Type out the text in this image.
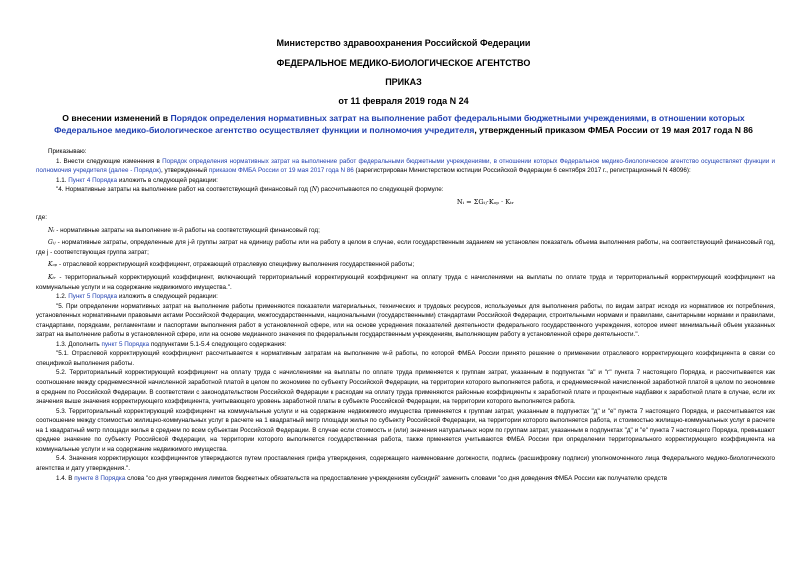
Министерство здравоохранения Российской Федерации
ФЕДЕРАЛЬНОЕ МЕДИКО-БИОЛОГИЧЕСКОЕ АГЕНТСТВО
ПРИКАЗ
от 11 февраля 2019 года N 24
О внесении изменений в Порядок определения нормативных затрат на выполнение работ федеральными бюджетными учреждениями, в отношении которых Федеральное медико-биологическое агентство осуществляет функции и полномочия учредителя, утвержденный приказом ФМБА России от 19 мая 2017 года N 86

Приказываю:

1. Внести следующие изменения в Порядок определения нормативных затрат на выполнение работ федеральными бюджетными учреждениями, в отношении которых Федеральное медико-биологическое агентство осуществляет функции и полномочия учредителя (далее - Порядок), утвержденный приказом ФМБА России от 19 мая 2017 года N 86 (зарегистрирован Министерством юстиции Российской Федерации 6 сентября 2017 г., регистрационный N 48096):

1.1. Пункт 4 Порядка изложить в следующей редакции:

"4. Нормативные затраты на выполнение работ на соответствующий финансовый год (N) рассчитываются по следующей формуле:

Nᵢ = ΣGᵢⱼ·Kₒₚ · Kₜᵣ

где:

Nᵢ - нормативные затраты на выполнение w-й работы на соответствующий финансовый год;

Gᵢⱼ - нормативные затраты, определенные для j-й группы затрат на единицу работы или на работу в целом в случае, если государственным заданием не установлен показатель объема выполнения работы, на соответствующий финансовый год, где j - соответствующая группа затрат;

Kₒₚ - отраслевой корректирующий коэффициент, отражающий отраслевую специфику выполнения государственной работы;

Kₜᵣ - территориальный корректирующий коэффициент, включающий территориальный корректирующий коэффициент на оплату труда с начислениями на выплаты по оплате труда и территориальный корректирующий коэффициент на коммунальные услуги и на содержание недвижимого имущества.".

1.2. Пункт 5 Порядка изложить в следующей редакции:

"5. При определении нормативных затрат на выполнение работы применяются показатели материальных, технических и трудовых ресурсов, используемых для выполнения работы, по видам затрат исходя из нормативов их потребления, установленных нормативными правовыми актами Российской Федерации, межгосударственными, национальными (государственными) стандартами Российской Федерации, строительными нормами и правилами, санитарными нормами и правилами, стандартами, порядками, регламентами и паспортами выполнения работ в установленной сфере, или на основе усреднения показателей деятельности федерального государственного учреждения, которое имеет минимальный объем указанных затрат на выполнение работы в установленной сфере, или на основе медианного значения по федеральным государственным учреждениям, выполняющим работу в установленной сфере деятельности.".

1.3. Дополнить пункт 5 Порядка подпунктами 5.1-5.4 следующего содержания:

"5.1. Отраслевой корректирующий коэффициент рассчитывается к нормативным затратам на выполнение w-й работы, по которой ФМБА России принято решение о применении отраслевого корректирующего коэффициента в связи со спецификой выполнения работы.

5.2. Территориальный корректирующий коэффициент на оплату труда с начислениями на выплаты по оплате труда применяется к группам затрат, указанным в подпунктах "а" и "г" пункта 7 настоящего Порядка, и рассчитывается как соотношение между среднемесячной начисленной заработной платой в целом по экономике по субъекту Российской Федерации, на территории которого выполняется работа, и среднемесячной начисленной заработной платой в целом по экономике в среднем по Российской Федерации. В соответствии с законодательством Российской Федерации к расходам на оплату труда применяются районные коэффициенты к заработной плате и процентные надбавки к заработной плате в случае, если их значения выше значения корректирующего коэффициента, учитывающего уровень заработной платы в субъекте Российской Федерации, на территории которого выполняется работа.

5.3. Территориальный корректирующий коэффициент на коммунальные услуги и на содержание недвижимого имущества применяется к группам затрат, указанным в подпунктах "д" и "е" пункта 7 настоящего Порядка, и рассчитывается как соотношение между стоимостью жилищно-коммунальных услуг в расчете на 1 квадратный метр площади жилья по субъекту Российской Федерации, на территории которого выполняется работа, и стоимостью жилищно-коммунальных услуг в расчете на 1 квадратный метр площади жилья в среднем по всем субъектам Российской Федерации. В случае если стоимость и (или) значения натуральных норм по группам затрат, указанным в подпунктах "д" и "е" пункта 7 настоящего Порядка, превышают среднее значение по субъекту Российской Федерации, на территории которого выполняется государственная работа, также прменяется учитываются ФМБА России при определении территориального корректирующего коэффициента на коммунальные услуги и на содержание недвижимого имущества.

5.4. Значения корректирующих коэффициентов утверждаются путем проставления грифа утверждения, содержащего наименование должности, подпись (расшифровку подписи) уполномоченного лица Федерального медико-биологического агентства и дату утверждения.".

1.4. В пункте 8 Порядка слова "со дня утверждения лимитов бюджетных обязательств на предоставление учреждениям субсидий" заменить словами "со дня доведения ФМБА России как получателю средств
